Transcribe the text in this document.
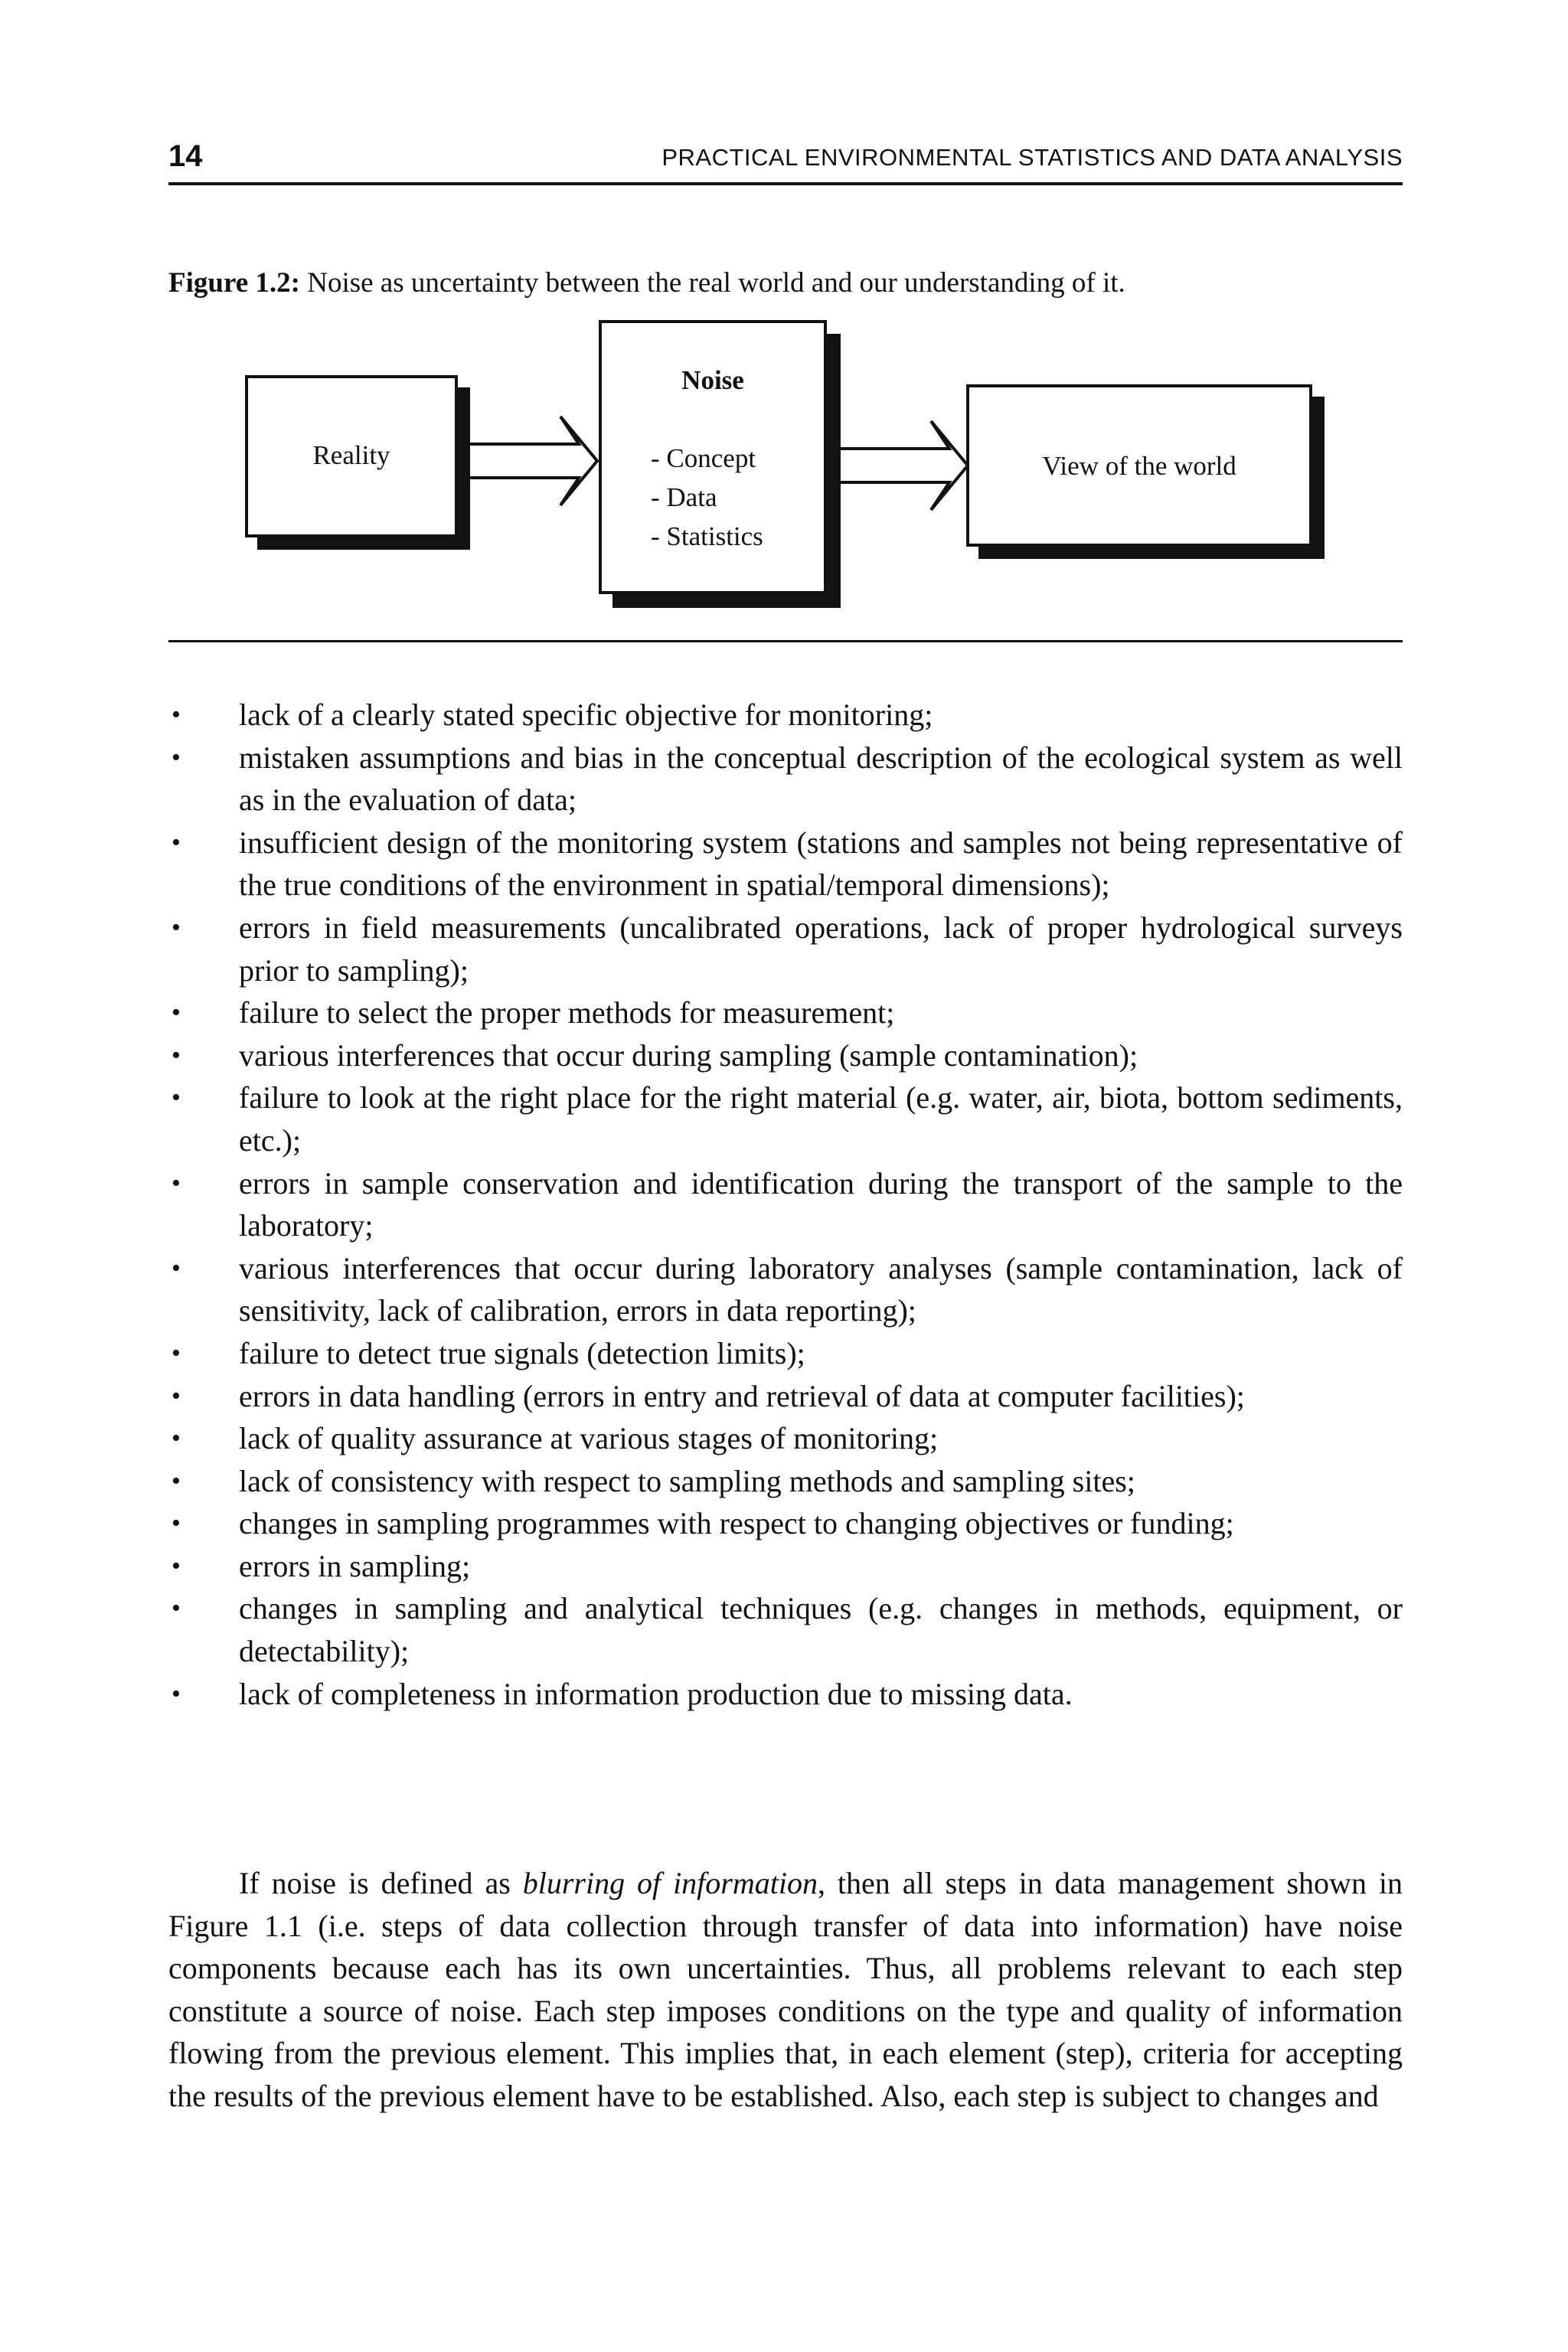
14	PRACTICAL ENVIRONMENTAL STATISTICS AND DATA ANALYSIS
Figure 1.2: Noise as uncertainty between the real world and our understanding of it.
Reality
Noise
- Concept
- Data
- Statistics
View of the world
• lack of a clearly stated specific objective for monitoring;
• mistaken assumptions and bias in the conceptual description of the ecological system as well as in the evaluation of data;
• insufficient design of the monitoring system (stations and samples not being representative of the true conditions of the environment in spatial/temporal dimensions);
• errors in field measurements (uncalibrated operations, lack of proper hydrological surveys prior to sampling);
• failure to select the proper methods for measurement;
• various interferences that occur during sampling (sample contamination);
• failure to look at the right place for the right material (e.g. water, air, biota, bottom sediments, etc.);
• errors in sample conservation and identification during the transport of the sample to the laboratory;
• various interferences that occur during laboratory analyses (sample contamination, lack of sensitivity, lack of calibration, errors in data reporting);
• failure to detect true signals (detection limits);
• errors in data handling (errors in entry and retrieval of data at computer facilities);
• lack of quality assurance at various stages of monitoring;
• lack of consistency with respect to sampling methods and sampling sites;
• changes in sampling programmes with respect to changing objectives or funding;
• errors in sampling;
• changes in sampling and analytical techniques (e.g. changes in methods, equipment, or detectability);
• lack of completeness in information production due to missing data.

If noise is defined as blurring of information, then all steps in data management shown in Figure 1.1 (i.e. steps of data collection through transfer of data into information) have noise components because each has its own uncertainties. Thus, all problems relevant to each step constitute a source of noise. Each step imposes conditions on the type and quality of information flowing from the previous element. This implies that, in each element (step), criteria for accepting the results of the previous element have to be established. Also, each step is subject to changes and
